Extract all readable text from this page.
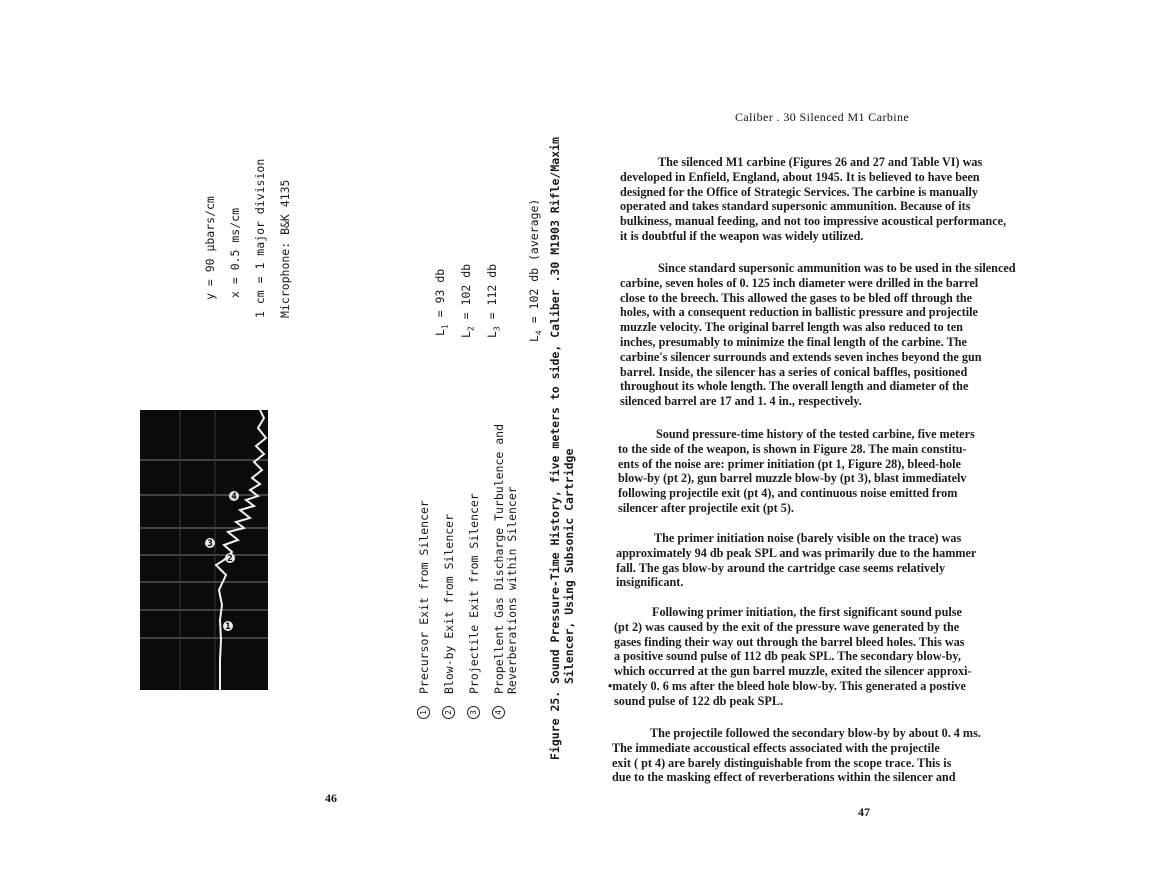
y = 90 µbars/cm x = 0.5 ms/cm 1 cm = 1 major division Microphone: B&K 4135
$L_1 = 93$ db
$L_2 = 102$ db
$L_3 = 112$ db
$L_4 = 102$ db (average)
1
2
3
4
1 2 3 4
Precursor Exit from Silencer Blow-by Exit from Silencer Projectile Exit from Silencer Propellent Gas Discharge Turbulence and Reverberations within Silencer
Figure 25.
Sound Pressure-Time History, five meters to side, Caliber .30 M1903 Rifle/Maxim Silencer, Using Subsonic Cartridge
46
Caliber . 30 Silenced M1 Carbine
The silenced M1 carbine (Figures 26 and 27 and Table VI) was
developed in Enfield, England, about 1945. It is believed to have been
designed for the Office of Strategic Services. The carbine is manually
operated and takes standard supersonic ammunition. Because of its
bulkiness, manual feeding, and not too impressive acoustical performance,
it is doubtful if the weapon was widely utilized.
Since standard supersonic ammunition was to be used in the silenced
carbine, seven holes of 0. 125 inch diameter were drilled in the barrel
close to the breech. This allowed the gases to be bled off through the
holes, with a consequent reduction in ballistic pressure and projectile
muzzle velocity. The original barrel length was also reduced to ten
inches, presumably to minimize the final length of the carbine. The
carbine's silencer surrounds and extends seven inches beyond the gun
barrel. Inside, the silencer has a series of conical baffles, positioned
throughout its whole length. The overall length and diameter of the
silenced barrel are 17 and 1. 4 in., respectively.
Sound pressure-time history of the tested carbine, five meters
to the side of the weapon, is shown in Figure 28. The main constitu-
ents of the noise are: primer initiation (pt 1, Figure 28), bleed-hole
blow-by (pt 2), gun barrel muzzle blow-by (pt 3), blast immediatelv
following projectile exit (pt 4), and continuous noise emitted from
silencer after projectile exit (pt 5).
The primer initiation noise (barely visible on the trace) was
approximately 94 db peak SPL and was primarily due to the hammer
fall. The gas blow-by around the cartridge case seems relatively
insignificant.
Following primer initiation, the first significant sound pulse
(pt 2) was caused by the exit of the pressure wave generated by the
gases finding their way out through the barrel bleed holes. This was
a positive sound pulse of 112 db peak SPL. The secondary blow-by,
which occurred at the gun barrel muzzle, exited the silencer approxi-
•mately 0. 6 ms after the bleed hole blow-by. This generated a postive
sound pulse of 122 db peak SPL.
The projectile followed the secondary blow-by by about 0. 4 ms.
The immediate accoustical effects associated with the projectile
exit ( pt 4) are barely distinguishable from the scope trace. This is
due to the masking effect of reverberations within the silencer and
47
